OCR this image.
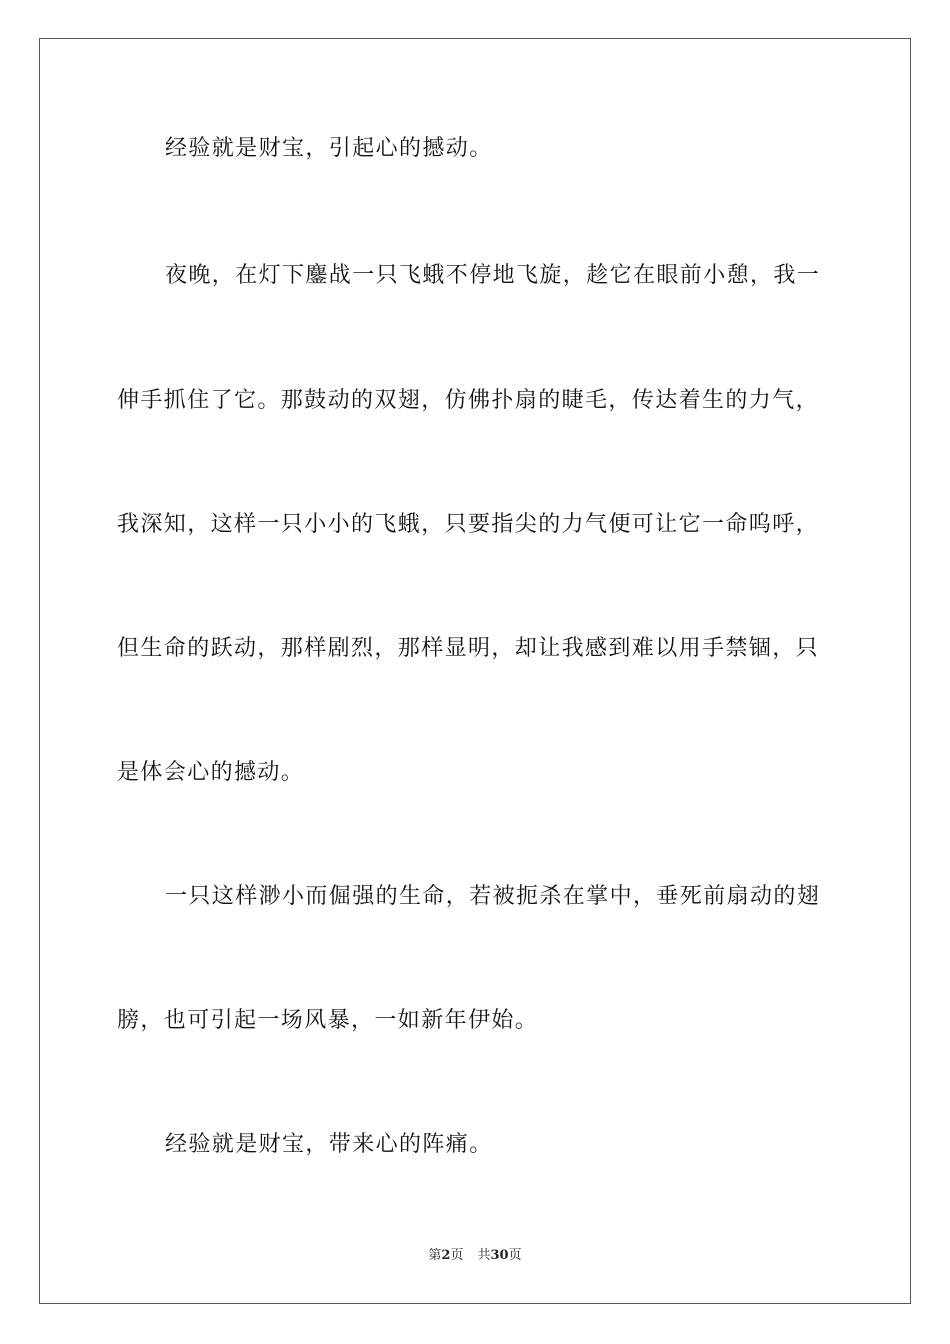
经验就是财宝，引起心的撼动。
夜晚，在灯下鏖战一只飞蛾不停地飞旋，趁它在眼前小憩，我一
伸手抓住了它。那鼓动的双翅，仿佛扑扇的睫毛，传达着生的力气，
我深知，这样一只小小的飞蛾，只要指尖的力气便可让它一命呜呼，
但生命的跃动，那样剧烈，那样显明，却让我感到难以用手禁锢，只
是体会心的撼动。
一只这样渺小而倔强的生命，若被扼杀在掌中，垂死前扇动的翅
膀，也可引起一场风暴，一如新年伊始。
经验就是财宝，带来心的阵痛。
第2页 共30页
